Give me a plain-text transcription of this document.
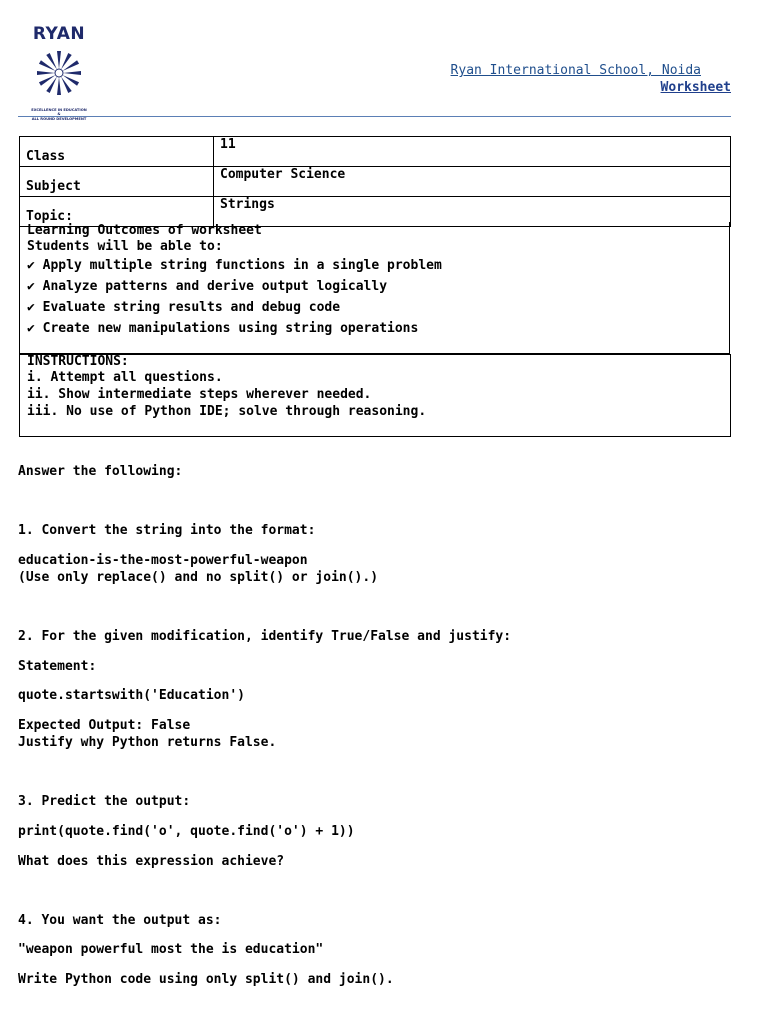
RYAN
EXCELLENCE IN EDUCATION
&
ALL ROUND DEVELOPMENT
Ryan International School, Noida
Worksheet
Class	11
Subject	Computer Science
Topic:	Strings
Learning Outcomes of worksheet
Students will be able to:
✔ Apply multiple string functions in a single problem
✔ Analyze patterns and derive output logically
✔ Evaluate string results and debug code
✔ Create new manipulations using string operations
INSTRUCTIONS:
i. Attempt all questions.
ii. Show intermediate steps wherever needed.
iii. No use of Python IDE; solve through reasoning.
Answer the following:
1. Convert the string into the format:
education-is-the-most-powerful-weapon
(Use only replace() and no split() or join().)
2. For the given modification, identify True/False and justify:
Statement:
quote.startswith('Education')
Expected Output: False
Justify why Python returns False.
3. Predict the output:
print(quote.find('o', quote.find('o') + 1))
What does this expression achieve?
4. You want the output as:
"weapon powerful most the is education"
Write Python code using only split() and join().
